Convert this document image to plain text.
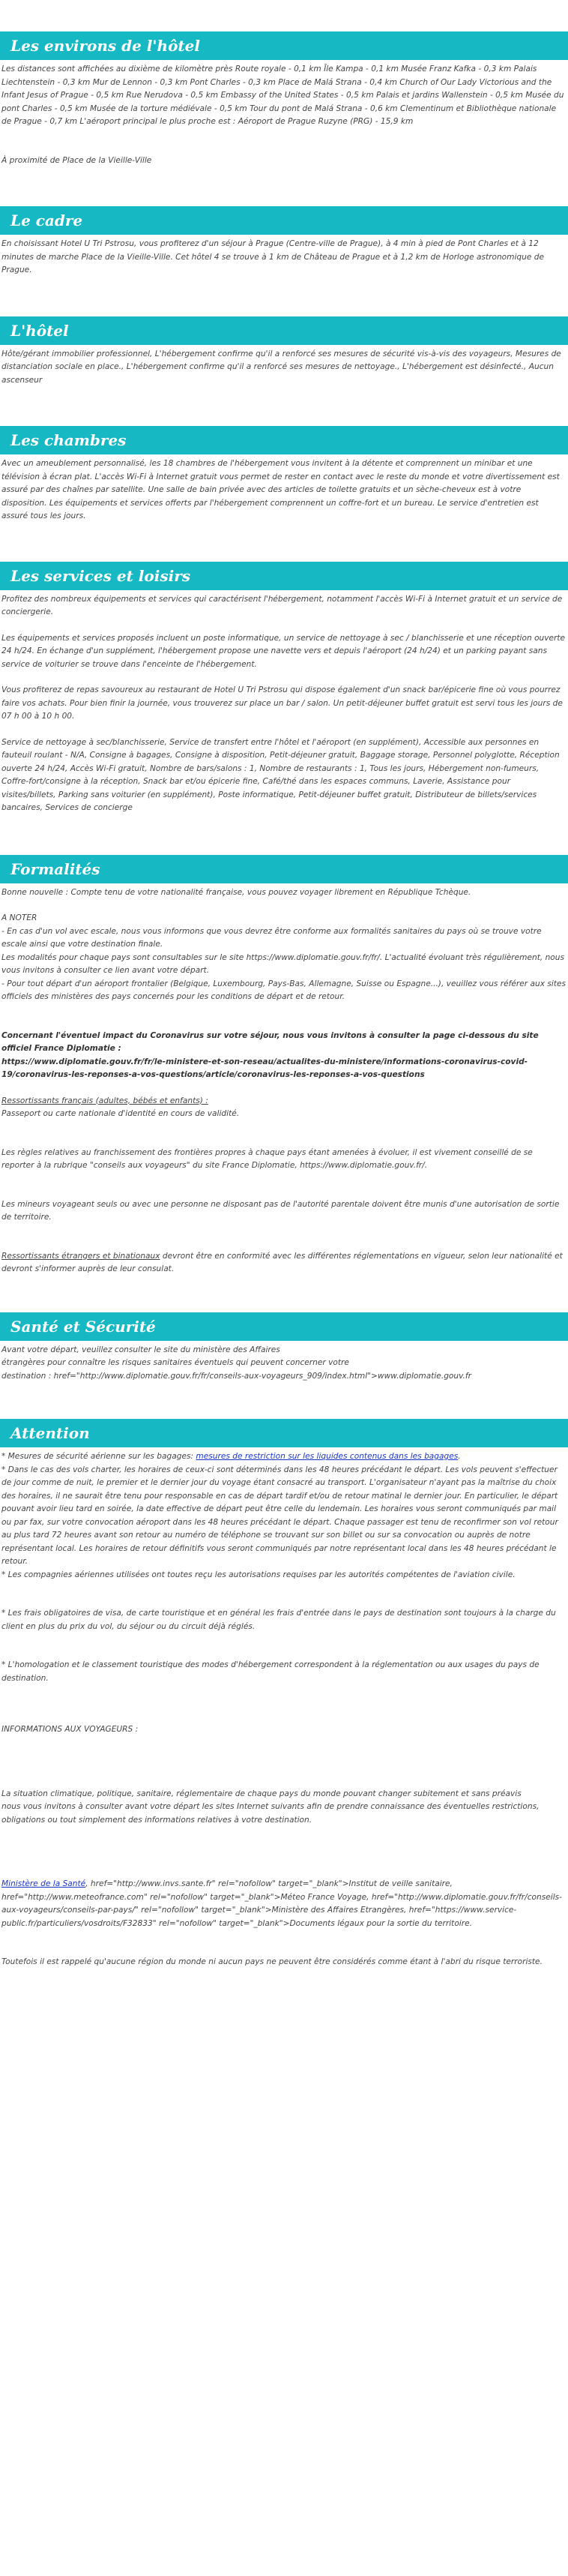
Les environs de l'hôtel

Les distances sont affichées au dixième de kilomètre près Route royale - 0,1 km Île Kampa - 0,1 km Musée Franz Kafka - 0,3 km Palais Liechtenstein - 0,3 km Mur de Lennon - 0,3 km Pont Charles - 0,3 km Place de Malá Strana - 0,4 km Church of Our Lady Victorious and the Infant Jesus of Prague - 0,5 km Rue Nerudova - 0,5 km Embassy of the United States - 0,5 km Palais et jardins Wallenstein - 0,5 km Musée du pont Charles - 0,5 km Musée de la torture médiévale - 0,5 km Tour du pont de Malá Strana - 0,6 km Clementinum et Bibliothèque nationale de Prague - 0,7 km L'aéroport principal le plus proche est : Aéroport de Prague Ruzyne (PRG) - 15,9 km

À proximité de Place de la Vieille-Ville

Le cadre

En choisissant Hotel U Tri Pstrosu, vous profiterez d'un séjour à Prague (Centre-ville de Prague), à 4 min à pied de Pont Charles et à 12 minutes de marche Place de la Vieille-Ville. Cet hôtel 4 se trouve à 1 km de Château de Prague et à 1,2 km de Horloge astronomique de Prague.

L'hôtel

Hôte/gérant immobilier professionnel, L'hébergement confirme qu'il a renforcé ses mesures de sécurité vis-à-vis des voyageurs, Mesures de distanciation sociale en place., L'hébergement confirme qu'il a renforcé ses mesures de nettoyage., L'hébergement est désinfecté., Aucun ascenseur

Les chambres

Avec un ameublement personnalisé, les 18 chambres de l'hébergement vous invitent à la détente et comprennent un minibar et une télévision à écran plat. L'accès Wi-Fi à Internet gratuit vous permet de rester en contact avec le reste du monde et votre divertissement est assuré par des chaînes par satellite. Une salle de bain privée avec des articles de toilette gratuits et un sèche-cheveux est à votre disposition. Les équipements et services offerts par l'hébergement comprennent un coffre-fort et un bureau. Le service d'entretien est assuré tous les jours.

Les services et loisirs

Profitez des nombreux équipements et services qui caractérisent l'hébergement, notamment l'accès Wi-Fi à Internet gratuit et un service de conciergerie.

Les équipements et services proposés incluent un poste informatique, un service de nettoyage à sec / blanchisserie et une réception ouverte 24 h/24. En échange d'un supplément, l'hébergement propose une navette vers et depuis l'aéroport (24 h/24) et un parking payant sans service de voiturier se trouve dans l'enceinte de l'hébergement.

Vous profiterez de repas savoureux au restaurant de Hotel U Tri Pstrosu qui dispose également d'un snack bar/épicerie fine où vous pourrez faire vos achats. Pour bien finir la journée, vous trouverez sur place un bar / salon. Un petit-déjeuner buffet gratuit est servi tous les jours de 07 h 00 à 10 h 00.

Service de nettoyage à sec/blanchisserie, Service de transfert entre l'hôtel et l'aéroport (en supplément), Accessible aux personnes en fauteuil roulant - N/A, Consigne à bagages, Consigne à disposition, Petit-déjeuner gratuit, Baggage storage, Personnel polyglotte, Réception ouverte 24 h/24, Accès Wi-Fi gratuit, Nombre de bars/salons : 1, Nombre de restaurants : 1, Tous les jours, Hébergement non-fumeurs, Coffre-fort/consigne à la réception, Snack bar et/ou épicerie fine, Café/thé dans les espaces communs, Laverie, Assistance pour visites/billets, Parking sans voiturier (en supplément), Poste informatique, Petit-déjeuner buffet gratuit, Distributeur de billets/services bancaires, Services de concierge

Formalités

Bonne nouvelle : Compte tenu de votre nationalité française, vous pouvez voyager librement en République Tchèque.

A NOTER
- En cas d'un vol avec escale, nous vous informons que vous devrez être conforme aux formalités sanitaires du pays où se trouve votre escale ainsi que votre destination finale.
Les modalités pour chaque pays sont consultables sur le site https://www.diplomatie.gouv.fr/fr/. L'actualité évoluant très régulièrement, nous vous invitons à consulter ce lien avant votre départ.
- Pour tout départ d'un aéroport frontalier (Belgique, Luxembourg, Pays-Bas, Allemagne, Suisse ou Espagne...), veuillez vous référer aux sites officiels des ministères des pays concernés pour les conditions de départ et de retour.

Concernant l'éventuel impact du Coronavirus sur votre séjour, nous vous invitons à consulter la page ci-dessous du site officiel France Diplomatie :
https://www.diplomatie.gouv.fr/fr/le-ministere-et-son-reseau/actualites-du-ministere/informations-coronavirus-covid-19/coronavirus-les-reponses-a-vos-questions/article/coronavirus-les-reponses-a-vos-questions

Ressortissants français (adultes, bébés et enfants) :

Passeport ou carte nationale d'identité en cours de validité.

Les règles relatives au franchissement des frontières propres à chaque pays étant amenées à évoluer, il est vivement conseillé de se reporter à la rubrique "conseils aux voyageurs" du site France Diplomatie, https://www.diplomatie.gouv.fr/.

Les mineurs voyageant seuls ou avec une personne ne disposant pas de l'autorité parentale doivent être munis d'une autorisation de sortie de territoire.

Ressortissants étrangers et binationaux devront être en conformité avec les différentes réglementations en vigueur, selon leur nationalité et devront s'informer auprès de leur consulat.

Santé et Sécurité

Avant votre départ, veuillez consulter le site du ministère des Affaires
étrangères pour connaître les risques sanitaires éventuels qui peuvent concerner votre
destination : href="http://www.diplomatie.gouv.fr/fr/conseils-aux-voyageurs_909/index.html">www.diplomatie.gouv.fr

Attention

* Mesures de sécurité aérienne sur les bagages: mesures de restriction sur les liquides contenus dans les bagages.
* Dans le cas des vols charter, les horaires de ceux-ci sont déterminés dans les 48 heures précédant le départ. Les vols peuvent s'effectuer de jour comme de nuit, le premier et le dernier jour du voyage étant consacré au transport. L'organisateur n'ayant pas la maîtrise du choix des horaires, il ne saurait être tenu pour responsable en cas de départ tardif et/ou de retour matinal le dernier jour. En particulier, le départ pouvant avoir lieu tard en soirée, la date effective de départ peut être celle du lendemain. Les horaires vous seront communiqués par mail ou par fax, sur votre convocation aéroport dans les 48 heures précédant le départ. Chaque passager est tenu de reconfirmer son vol retour au plus tard 72 heures avant son retour au numéro de téléphone se trouvant sur son billet ou sur sa convocation ou auprès de notre représentant local. Les horaires de retour définitifs vous seront communiqués par notre représentant local dans les 48 heures précédant le retour.
* Les compagnies aériennes utilisées ont toutes reçu les autorisations requises par les autorités compétentes de l'aviation civile.

* Les frais obligatoires de visa, de carte touristique et en général les frais d'entrée dans le pays de destination sont toujours à la charge du client en plus du prix du vol, du séjour ou du circuit déjà réglés.

* L'homologation et le classement touristique des modes d'hébergement correspondent à la réglementation ou aux usages du pays de destination.

INFORMATIONS AUX VOYAGEURS :

La situation climatique, politique, sanitaire, réglementaire de chaque pays du monde pouvant changer subitement et sans préavis
nous vous invitons à consulter avant votre départ les sites Internet suivants afin de prendre connaissance des éventuelles restrictions, obligations ou tout simplement des informations relatives à votre destination.

Ministère de la Santé, href="http://www.invs.sante.fr" rel="nofollow" target="_blank">Institut de veille sanitaire, href="http://www.meteofrance.com" rel="nofollow" target="_blank">Méteo France Voyage, href="http://www.diplomatie.gouv.fr/fr/conseils-aux-voyageurs/conseils-par-pays/" rel="nofollow" target="_blank">Ministère des Affaires Etrangères, href="https://www.service-public.fr/particuliers/vosdroits/F32833" rel="nofollow" target="_blank">Documents légaux pour la sortie du territoire.

Toutefois il est rappelé qu'aucune région du monde ni aucun pays ne peuvent être considérés comme étant à l'abri du risque terroriste.
